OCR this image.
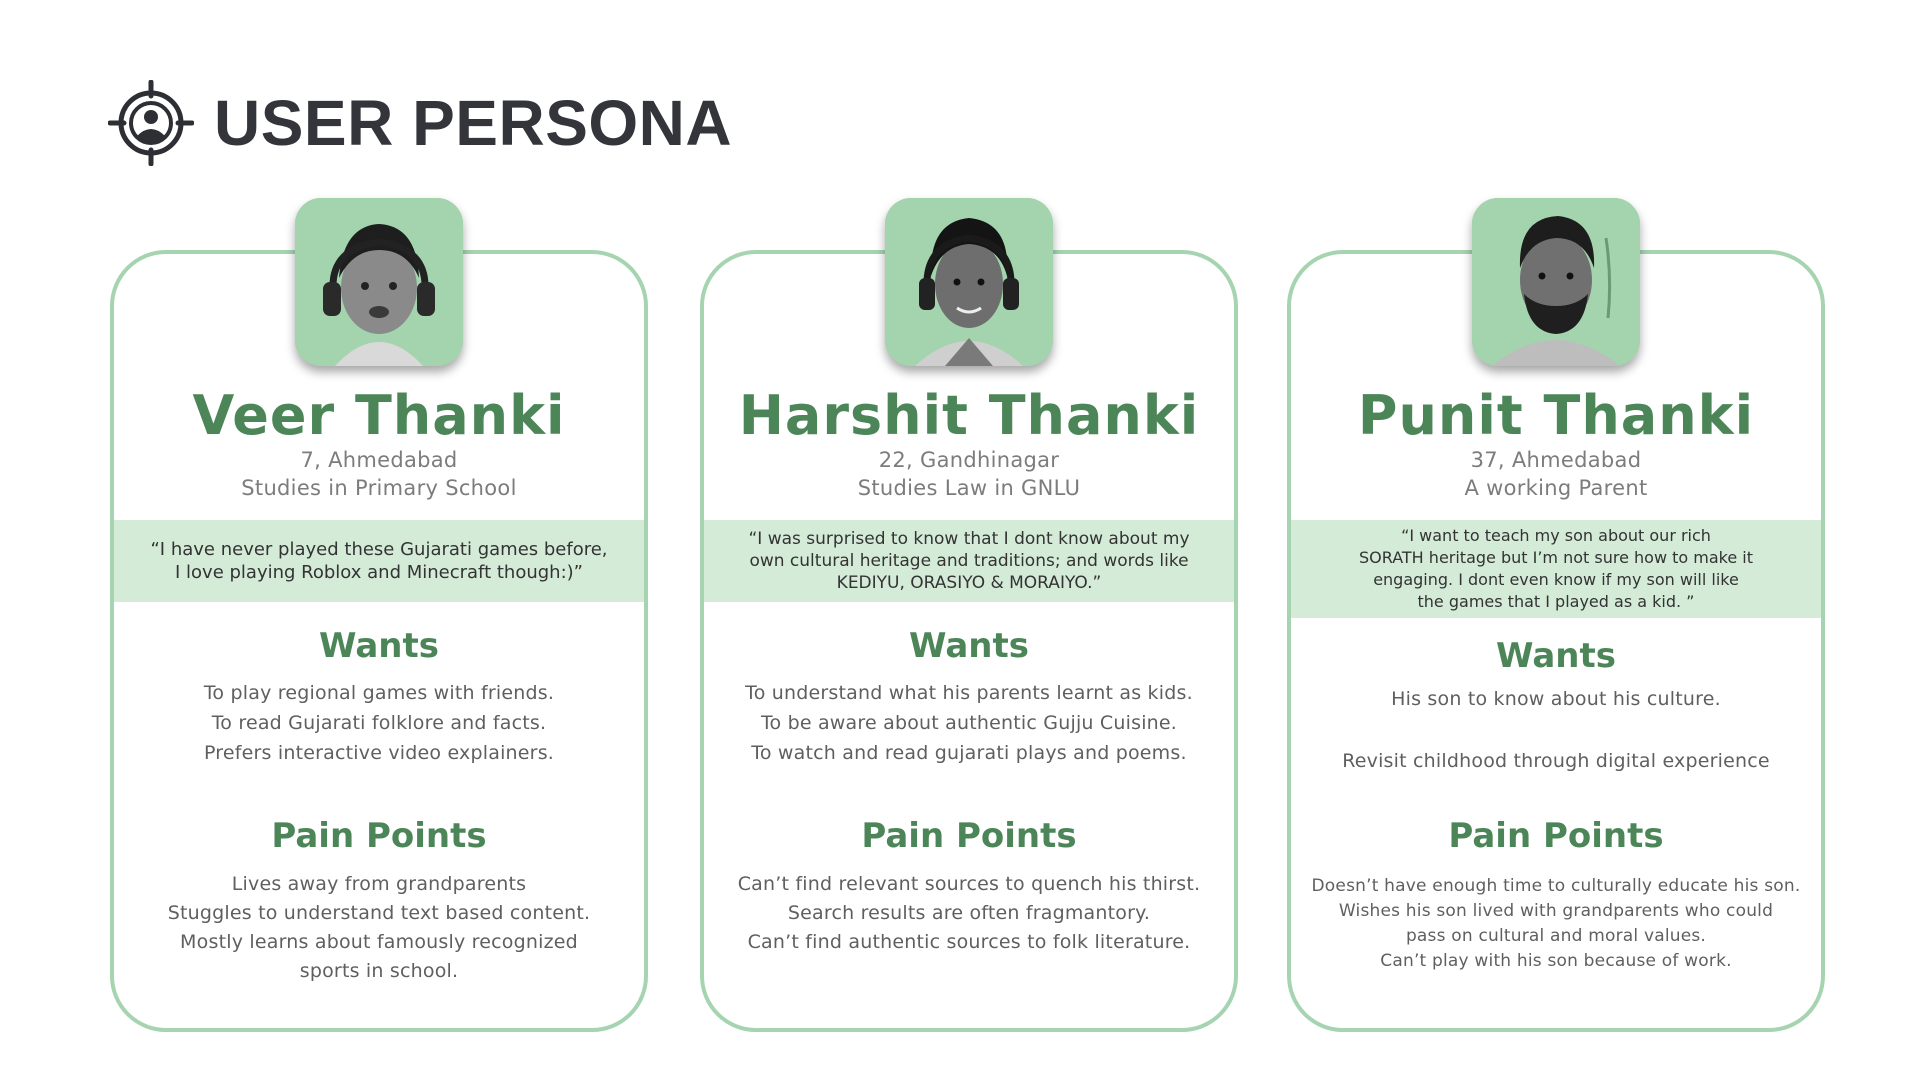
USER PERSONA
Veer Thanki
7, Ahmedabad
Studies in Primary School
“I have never played these Gujarati games before,
I love playing Roblox and Minecraft though:)”
Wants
To play regional games with friends.
To read Gujarati folklore and facts.
Prefers interactive video explainers.
Pain Points
Lives away from grandparents
Stuggles to understand text based content.
Mostly learns about famously recognized
sports in school.
Harshit Thanki
22, Gandhinagar
Studies Law in GNLU
“I was surprised to know that I dont know about my
own cultural heritage and traditions; and words like
KEDIYU, ORASIYO & MORAIYO.”
Wants
To understand what his parents learnt as kids.
To be aware about authentic Gujju Cuisine.
To watch and read gujarati plays and poems.
Pain Points
Can’t find relevant sources to quench his thirst.
Search results are often fragmantory.
Can’t find authentic sources to folk literature.
Punit Thanki
37, Ahmedabad
A working Parent
“I want to teach my son about our rich
SORATH heritage but I’m not sure how to make it
engaging. I dont even know if my son will like
the games that I played as a kid. ”
Wants
His son to know about his culture.
Revisit childhood through digital experience
Pain Points
Doesn’t have enough time to culturally educate his son.
Wishes his son lived with grandparents who could
pass on cultural and moral values.
Can’t play with his son because of work.
